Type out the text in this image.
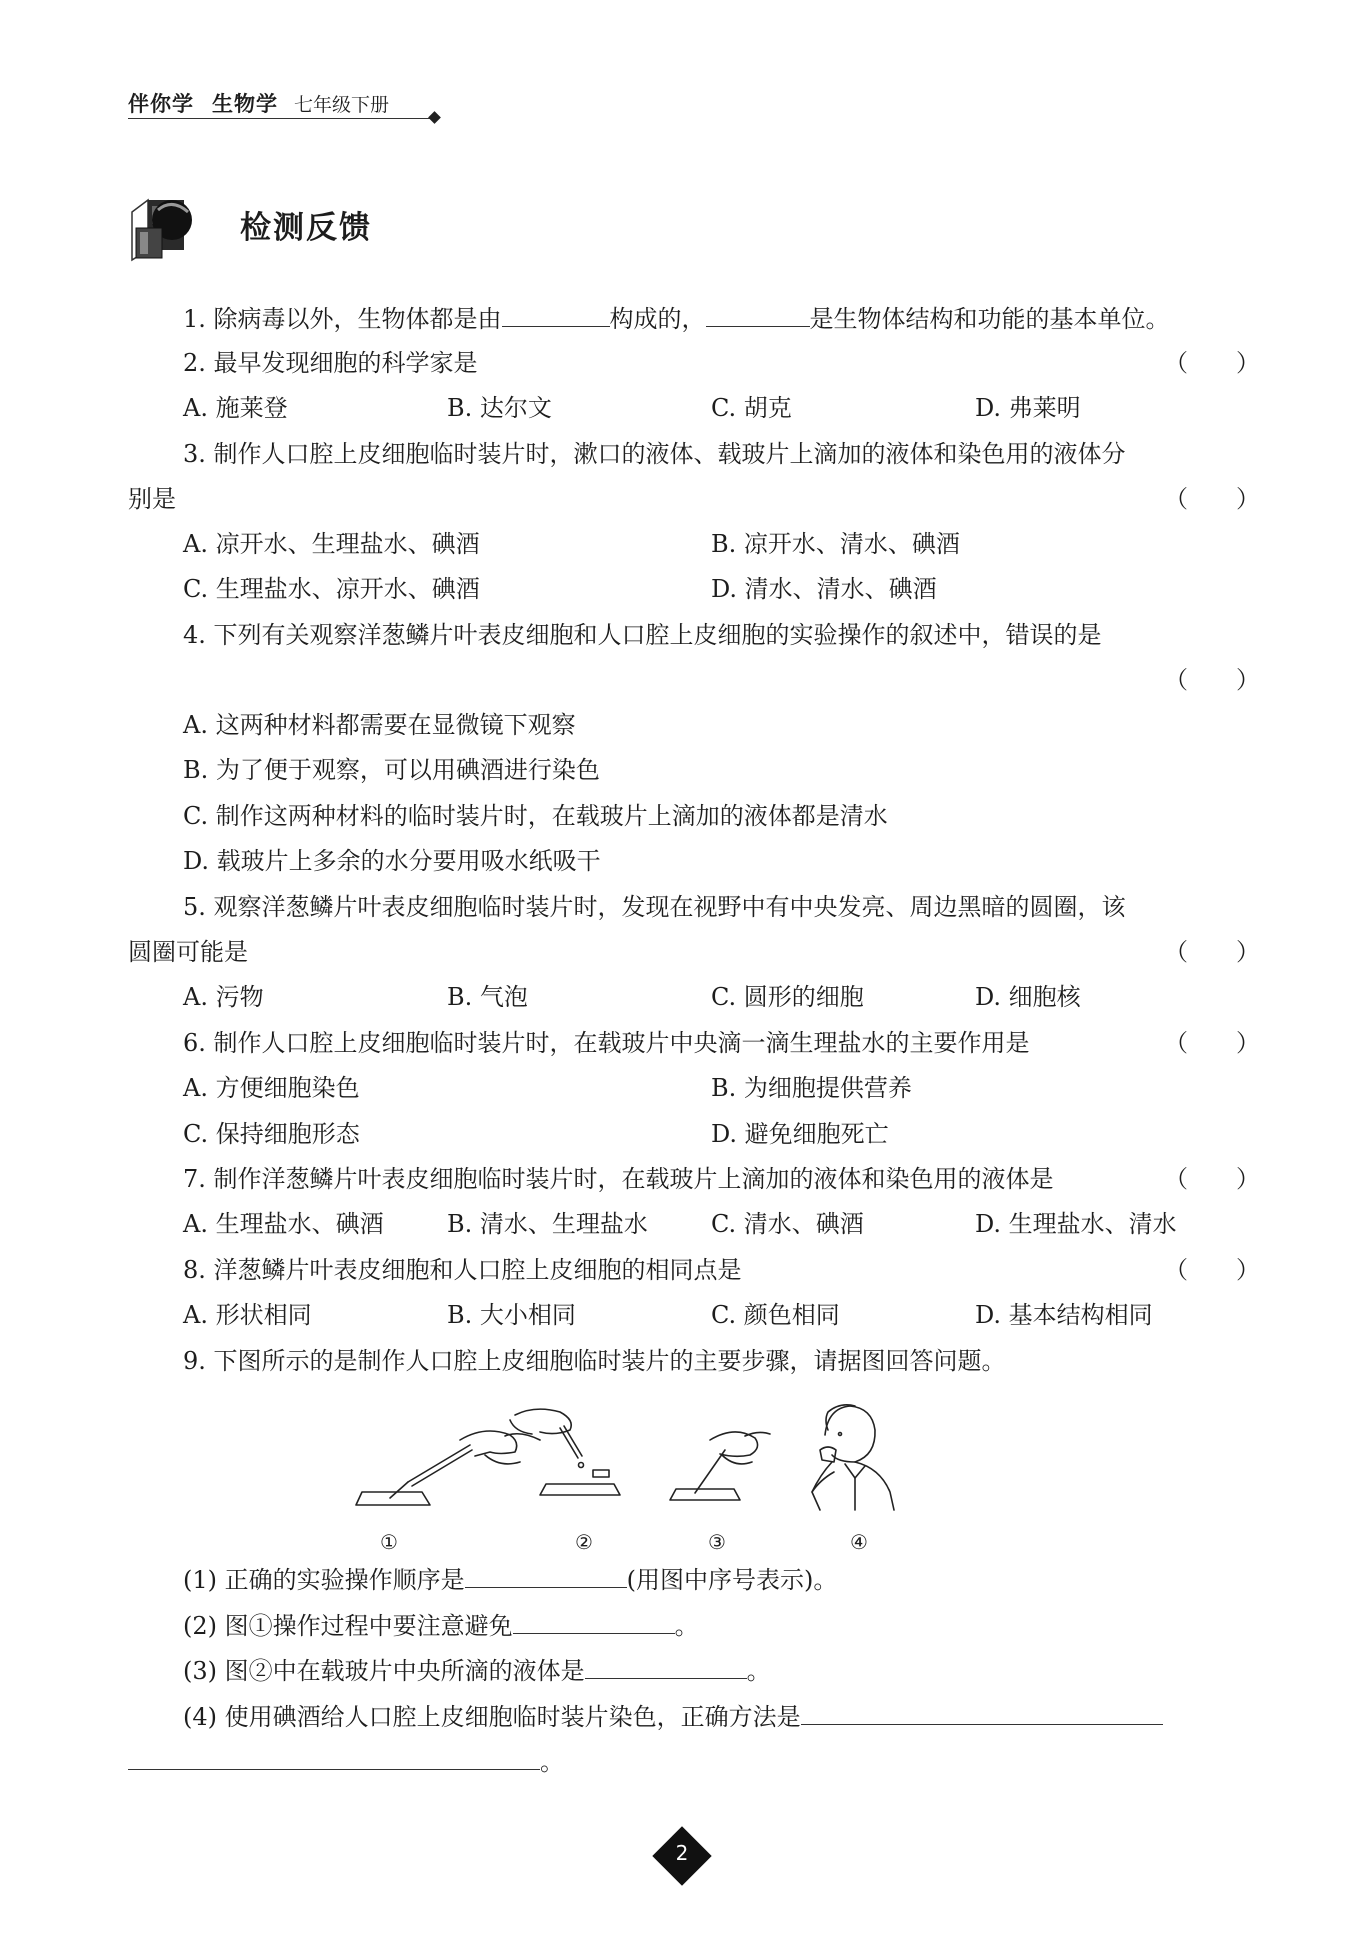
伴你学 生物学 七年级下册
检测反馈
1. 除病毒以外，生物体都是由	构成的，	是生物体结构和功能的基本单位。
2. 最早发现细胞的科学家是	（　　）
A. 施莱登	B. 达尔文	C. 胡克	D. 弗莱明
3. 制作人口腔上皮细胞临时装片时，漱口的液体、载玻片上滴加的液体和染色用的液体分
别是	（　　）
A. 凉开水、生理盐水、碘酒	B. 凉开水、清水、碘酒
C. 生理盐水、凉开水、碘酒	D. 清水、清水、碘酒
4. 下列有关观察洋葱鳞片叶表皮细胞和人口腔上皮细胞的实验操作的叙述中，错误的是
（　　）
A. 这两种材料都需要在显微镜下观察
B. 为了便于观察，可以用碘酒进行染色
C. 制作这两种材料的临时装片时，在载玻片上滴加的液体都是清水
D. 载玻片上多余的水分要用吸水纸吸干
5. 观察洋葱鳞片叶表皮细胞临时装片时，发现在视野中有中央发亮、周边黑暗的圆圈，该
圆圈可能是	（　　）
A. 污物	B. 气泡	C. 圆形的细胞	D. 细胞核
6. 制作人口腔上皮细胞临时装片时，在载玻片中央滴一滴生理盐水的主要作用是	（　　）
A. 方便细胞染色	B. 为细胞提供营养
C. 保持细胞形态	D. 避免细胞死亡
7. 制作洋葱鳞片叶表皮细胞临时装片时，在载玻片上滴加的液体和染色用的液体是	（　　）
A. 生理盐水、碘酒	B. 清水、生理盐水	C. 清水、碘酒	D. 生理盐水、清水
8. 洋葱鳞片叶表皮细胞和人口腔上皮细胞的相同点是	（　　）
A. 形状相同	B. 大小相同	C. 颜色相同	D. 基本结构相同
9. 下图所示的是制作人口腔上皮细胞临时装片的主要步骤，请据图回答问题。
①	②	③	④
(1) 正确的实验操作顺序是	(用图中序号表示)。
(2) 图①操作过程中要注意避免	。
(3) 图②中在载玻片中央所滴的液体是	。
(4) 使用碘酒给人口腔上皮细胞临时装片染色，正确方法是
。
2
